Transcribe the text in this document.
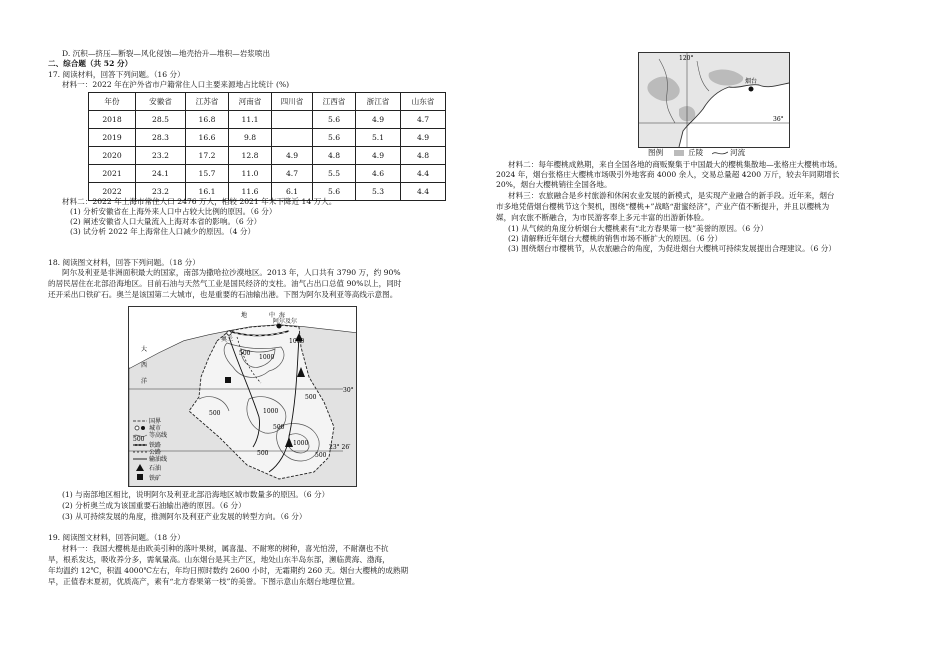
D. 沉积—挤压—断裂—风化侵蚀—地壳抬升—堆积—岩浆喷出
二、综合题（共 52 分）
17. 阅读材料，回答下列问题。（16 分）
材料一：2022 年在沪外省市户籍常住人口主要来源地占比统计 (%)
年份	安徽省	江苏省	河南省	四川省	江西省	浙江省	山东省
2018	28.5	16.8	11.1		5.6	4.9	4.7
2019	28.3	16.6	9.8		5.6	5.1	4.9
2020	23.2	17.2	12.8	4.9	4.8	4.9	4.8
2021	24.1	15.7	11.0	4.7	5.5	4.6	4.4
2022	23.2	16.1	11.6	6.1	5.6	5.3	4.4
材料二：2022 年上海市常住人口 2476 万人，相较 2021 年末下降近 14 万人。
(1) 分析安徽省在上海外来人口中占较大比例的原因。（6 分）
(2) 阐述安徽省人口大量流入上海对本省的影响。（6 分）
(3) 试分析 2022 年上海常住人口减少的原因。（4 分）
18. 阅读图文材料，回答下列问题。（18 分）
阿尔及利亚是非洲面积最大的国家，南部为撒哈拉沙漠地区。2013 年，人口共有 3790 万，约 90%
的居民居住在北部沿海地区。目前石油与天然气工业是国民经济的支柱。油气占出口总值 90%以上，同时
还开采出口铁矿石。奥兰是该国第二大城市，也是重要的石油输出港。下图为阿尔及利亚等高线示意图。
地	中 海
阿尔及尔
奥兰
大
西
洋
500
1000
1000
500
500	1000
500
500
1000
500
30°
23° 26′
国界
城市
500
等高线
铁路
公路
输油线
石油
铁矿
(1) 与南部地区相比，说明阿尔及利亚北部沿海地区城市数量多的原因。（6 分）
(2) 分析奥兰成为该国重要石油输出港的原因。（6 分）
(3) 从可持续发展的角度，推测阿尔及利亚产业发展的转型方向。（6 分）
19. 阅读图文材料，回答问题。（18 分）
材料一：我国大樱桃是由欧美引种的落叶果树，属喜温、不耐寒的树种，喜光怕涝，不耐潮也不抗
旱，根系发达，吸收养分多，需氧量高。山东烟台是其主产区，地处山东半岛东部，濒临黄海、渤海，
年均温约 12℃，积温 4000℃左右，年均日照时数约 2600 小时，无霜期约 260 天。烟台大樱桃的成熟期
早，正值春末夏初，优质高产，素有“北方春果第一枝”的美誉。下图示意山东烟台地理位置。
120°
烟台
36°
图例	丘陵	河流
材料二：每年樱桃成熟期，来自全国各地的商贩聚集于中国最大的樱桃集散地—张格庄大樱桃市场。
2024 年，烟台张格庄大樱桃市场吸引外地客商 4000 余人，交易总量超 4200 万斤，较去年同期增长
20%，烟台大樱桃销往全国各地。
材料三：农旅融合是乡村旅游和休闲农业发展的新模式，是实现产业融合的新手段。近年来，烟台
市多地凭借烟台樱桃节这个契机，围绕“樱桃+”战略“甜蜜经济”，产业产值不断提升，并且以樱桃为
媒，向农旅不断融合，为市民游客奉上多元丰富的出游新体验。
(1) 从气候的角度分析烟台大樱桃素有“北方春果第一枝”美誉的原因。（6 分）
(2) 请解释近年烟台大樱桃的销售市场不断扩大的原因。（6 分）
(3) 围绕烟台市樱桃节，从农旅融合的角度，为促进烟台大樱桃可持续发展提出合理建议。（6 分）
